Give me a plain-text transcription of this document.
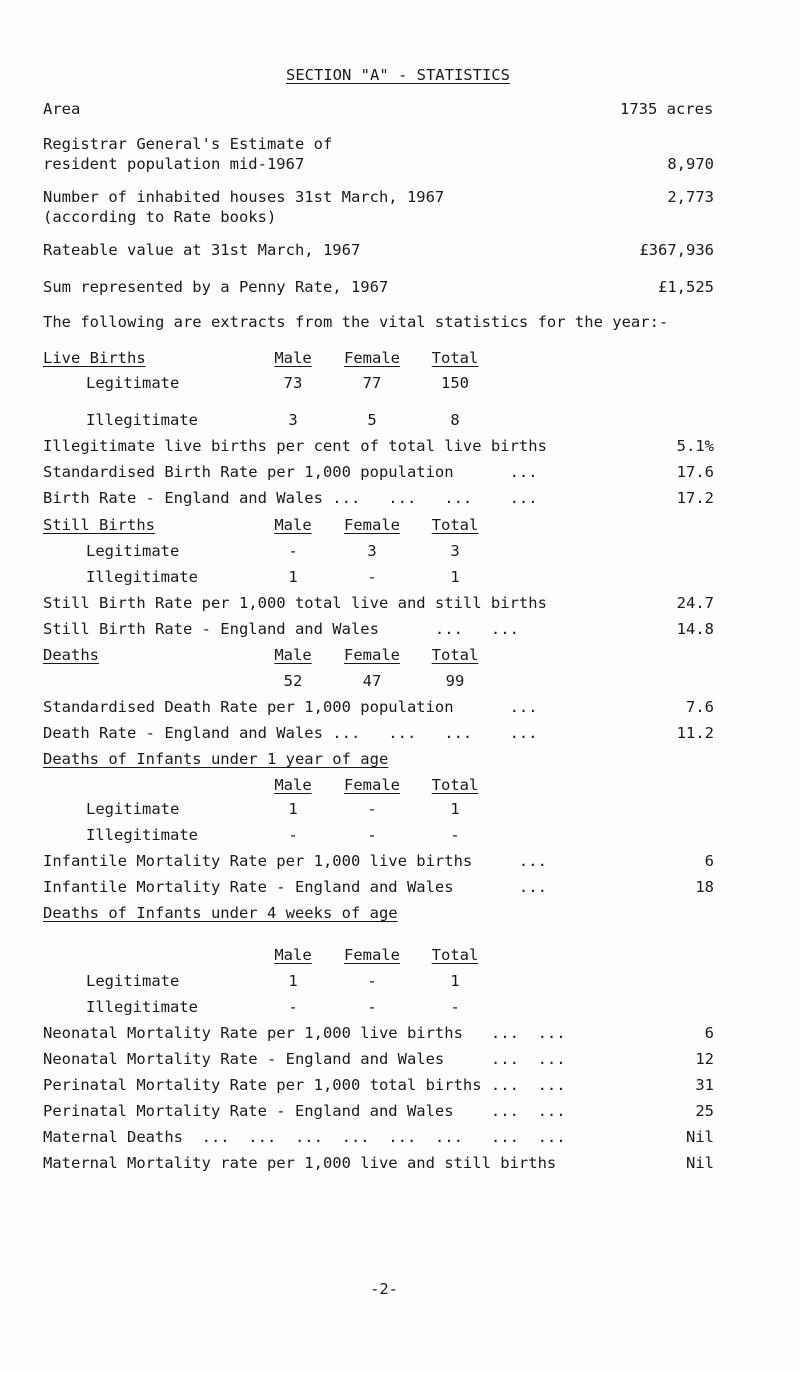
SECTION "A" - STATISTICS
Area	1735 acres
Registrar General's Estimate of
resident population mid-1967	8,970
Number of inhabited houses 31st March, 1967
(according to Rate books)
2,773
Rateable value at 31st March, 1967	£367,936
Sum represented by a Penny Rate, 1967	£1,525
The following are extracts from the vital statistics for the year:-
Live Births	Male	Female	Total
Legitimate	73	77	150
Illegitimate	3	5	8
Illegitimate live births per cent of total live births	5.1%
Standardised Birth Rate per 1,000 population      ...	17.6
Birth Rate - England and Wales ...   ...   ...    ...	17.2
Still Births	Male	Female	Total
Legitimate	-	3	3
Illegitimate	1	-	1
Still Birth Rate per 1,000 total live and still births	24.7
Still Birth Rate - England and Wales      ...   ...	14.8
Deaths	Male	Female	Total
52	47	99
Standardised Death Rate per 1,000 population      ...	7.6
Death Rate - England and Wales ...   ...   ...    ...	11.2
Deaths of Infants under 1 year of age
Male	Female	Total
Legitimate	1	-	1
Illegitimate	-	-	-
Infantile Mortality Rate per 1,000 live births     ...	6
Infantile Mortality Rate - England and Wales       ...	18
Deaths of Infants under 4 weeks of age
Male	Female	Total
Legitimate	1	-	1
Illegitimate	-	-	-
Neonatal Mortality Rate per 1,000 live births   ...  ...	6
Neonatal Mortality Rate - England and Wales     ...  ...	12
Perinatal Mortality Rate per 1,000 total births ...  ...	31
Perinatal Mortality Rate - England and Wales    ...  ...	25
Maternal Deaths  ...  ...  ...  ...  ...  ...   ...  ...	Nil
Maternal Mortality rate per 1,000 live and still births	Nil
-2-
